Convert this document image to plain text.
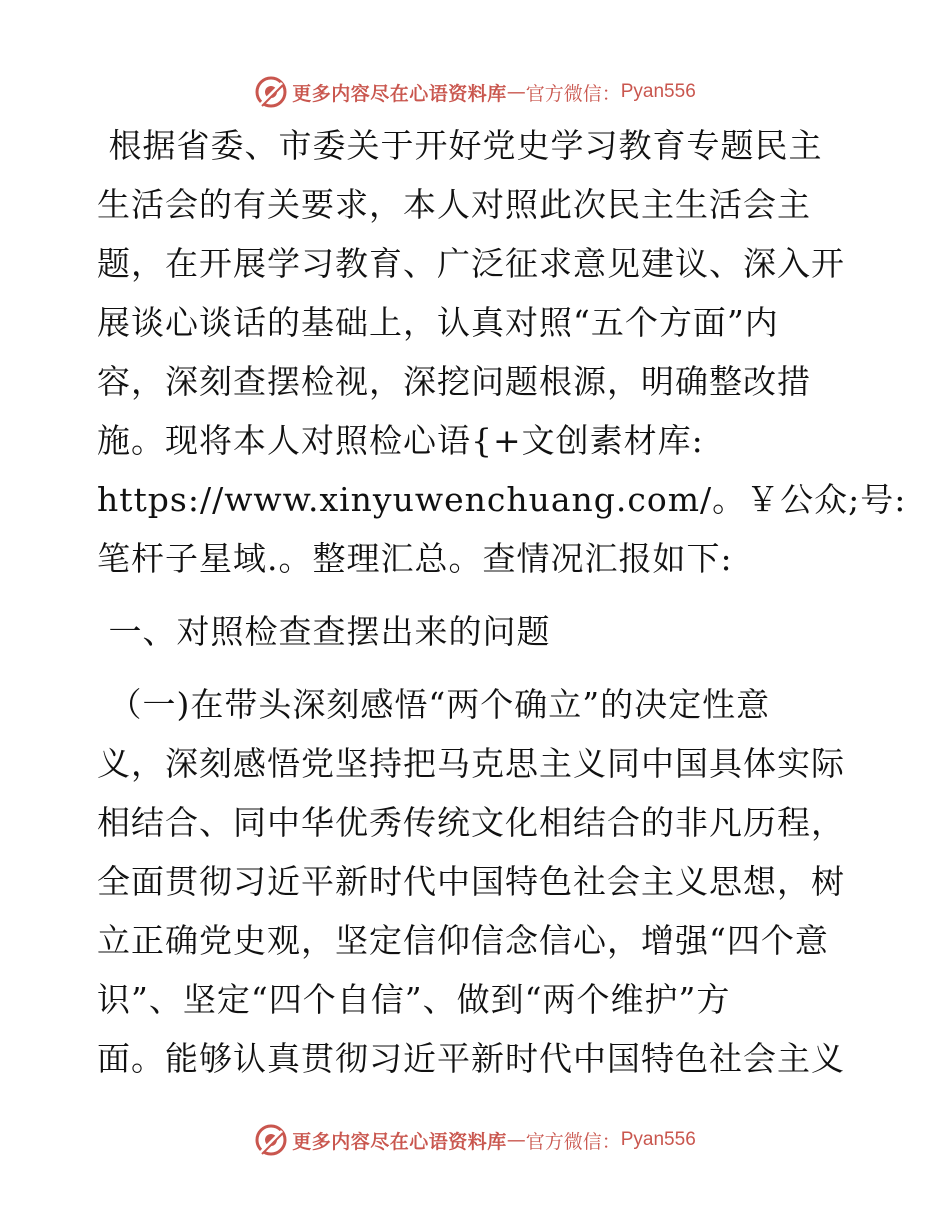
更多内容尽在心语资料库 — 官方微信： Pyan556
根据省委、市委关于开好党史学习教育专题民主
生活会的有关要求，本人对照此次民主生活会主
题，在开展学习教育、广泛征求意见建议、深入开
展谈心谈话的基础上，认真对照“五个方面”内
容，深刻查摆检视，深挖问题根源，明确整改措
施。现将本人对照检心语{+文创素材库:
https://www.xinyuwenchuang.com/。￥公众;号:
笔杆子星域.。整理汇总。查情况汇报如下:
一、对照检查查摆出来的问题
（一)在带头深刻感悟“两个确立”的决定性意
义，深刻感悟党坚持把马克思主义同中国具体实际
相结合、同中华优秀传统文化相结合的非凡历程，
全面贯彻习近平新时代中国特色社会主义思想，树
立正确党史观，坚定信仰信念信心，增强“四个意
识”、坚定“四个自信”、做到“两个维护”方
面。能够认真贯彻习近平新时代中国特色社会主义
更多内容尽在心语资料库 — 官方微信： Pyan556
